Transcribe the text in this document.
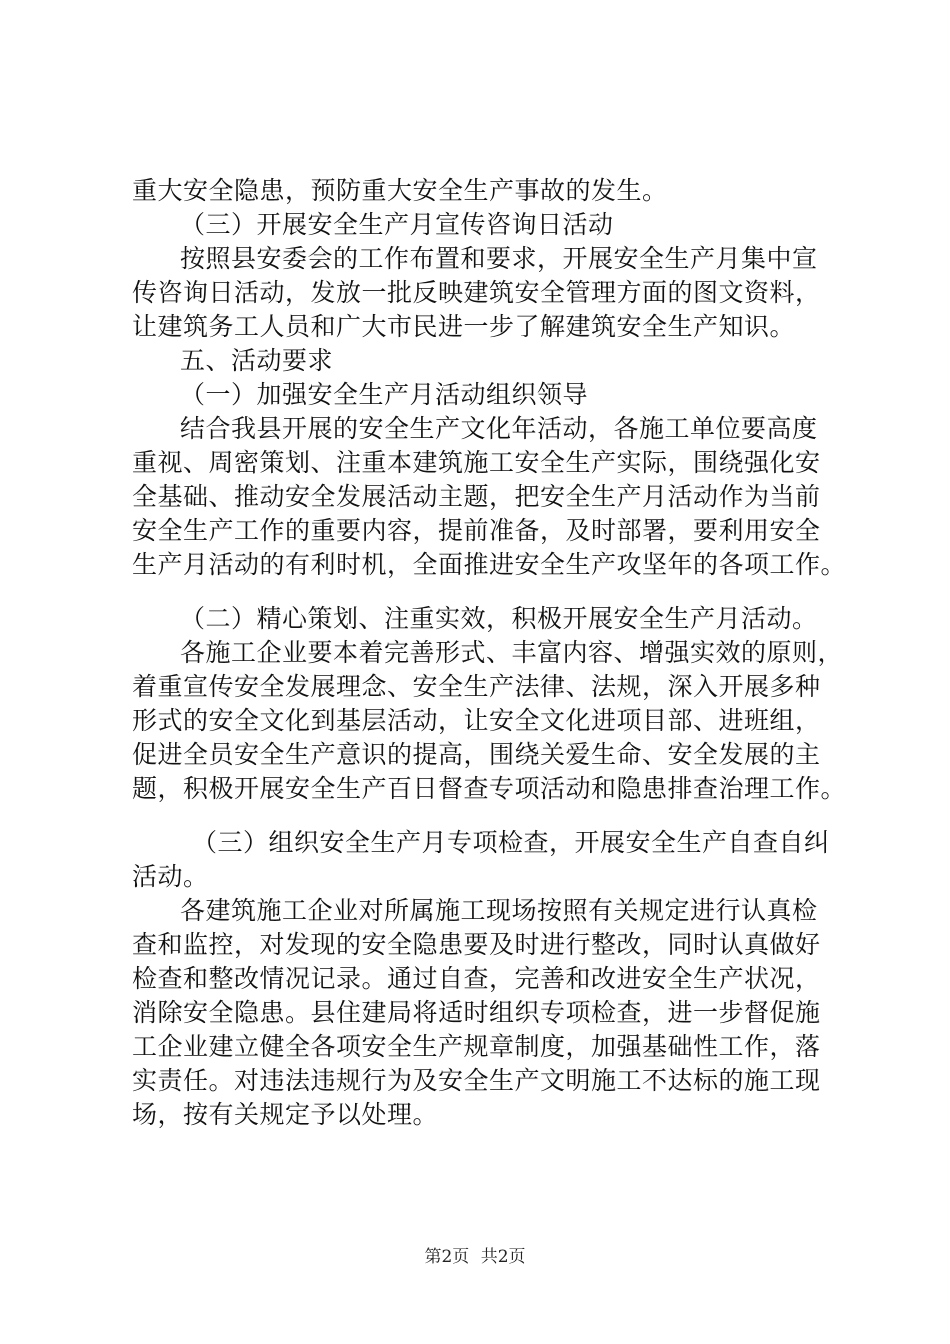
重大安全隐患，预防重大安全生产事故的发生。
（三）开展安全生产月宣传咨询日活动
按照县安委会的工作布置和要求，开展安全生产月集中宣
传咨询日活动，发放一批反映建筑安全管理方面的图文资料，
让建筑务工人员和广大市民进一步了解建筑安全生产知识。
五、活动要求
（一）加强安全生产月活动组织领导
结合我县开展的安全生产文化年活动，各施工单位要高度
重视、周密策划、注重本建筑施工安全生产实际，围绕强化安
全基础、推动安全发展活动主题，把安全生产月活动作为当前
安全生产工作的重要内容，提前准备，及时部署，要利用安全
生产月活动的有利时机，全面推进安全生产攻坚年的各项工作。
（二）精心策划、注重实效，积极开展安全生产月活动。
各施工企业要本着完善形式、丰富内容、增强实效的原则，
着重宣传安全发展理念、安全生产法律、法规，深入开展多种
形式的安全文化到基层活动，让安全文化进项目部、进班组，
促进全员安全生产意识的提高，围绕关爱生命、安全发展的主
题，积极开展安全生产百日督查专项活动和隐患排查治理工作。
（三）组织安全生产月专项检查，开展安全生产自查自纠
活动。
各建筑施工企业对所属施工现场按照有关规定进行认真检
查和监控，对发现的安全隐患要及时进行整改，同时认真做好
检查和整改情况记录。通过自查，完善和改进安全生产状况，
消除安全隐患。县住建局将适时组织专项检查，进一步督促施
工企业建立健全各项安全生产规章制度，加强基础性工作，落
实责任。对违法违规行为及安全生产文明施工不达标的施工现
场，按有关规定予以处理。
第2页 共2页
